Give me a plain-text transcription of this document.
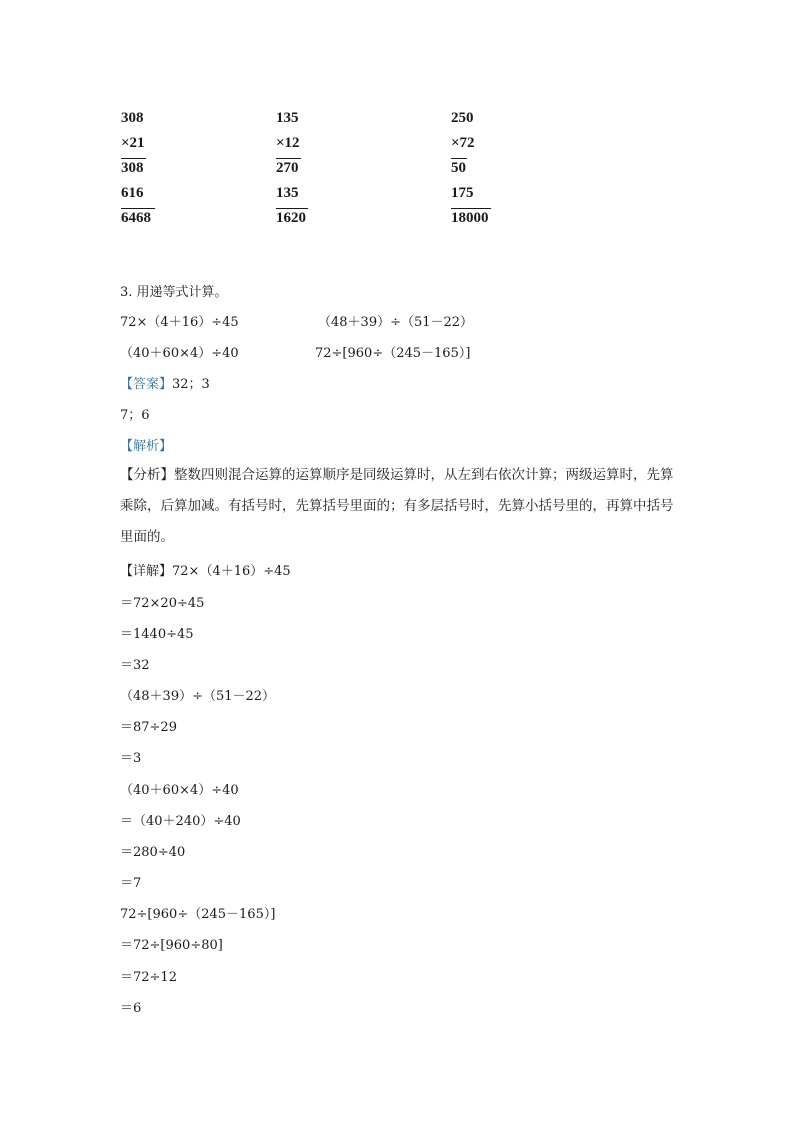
308
×21
308
616
6468
135
×12
270
135
1620
250
×72
50
175
18000
3. 用递等式计算。
72×（4＋16）÷45	（48＋39）÷（51－22）
（40＋60×4）÷40	72÷[960÷（245－165）]
【答案】32；3
7；6
【解析】
【分析】整数四则混合运算的运算顺序是同级运算时，从左到右依次计算；两级运算时，先算乘除，后算加减。有括号时，先算括号里面的；有多层括号时，先算小括号里的，再算中括号里面的。
【详解】72×（4＋16）÷45
＝72×20÷45
＝1440÷45
＝32
（48＋39）÷（51－22）
＝87÷29
＝3
（40＋60×4）÷40
＝（40＋240）÷40
＝280÷40
＝7
72÷[960÷（245－165）]
＝72÷[960÷80]
＝72÷12
＝6
